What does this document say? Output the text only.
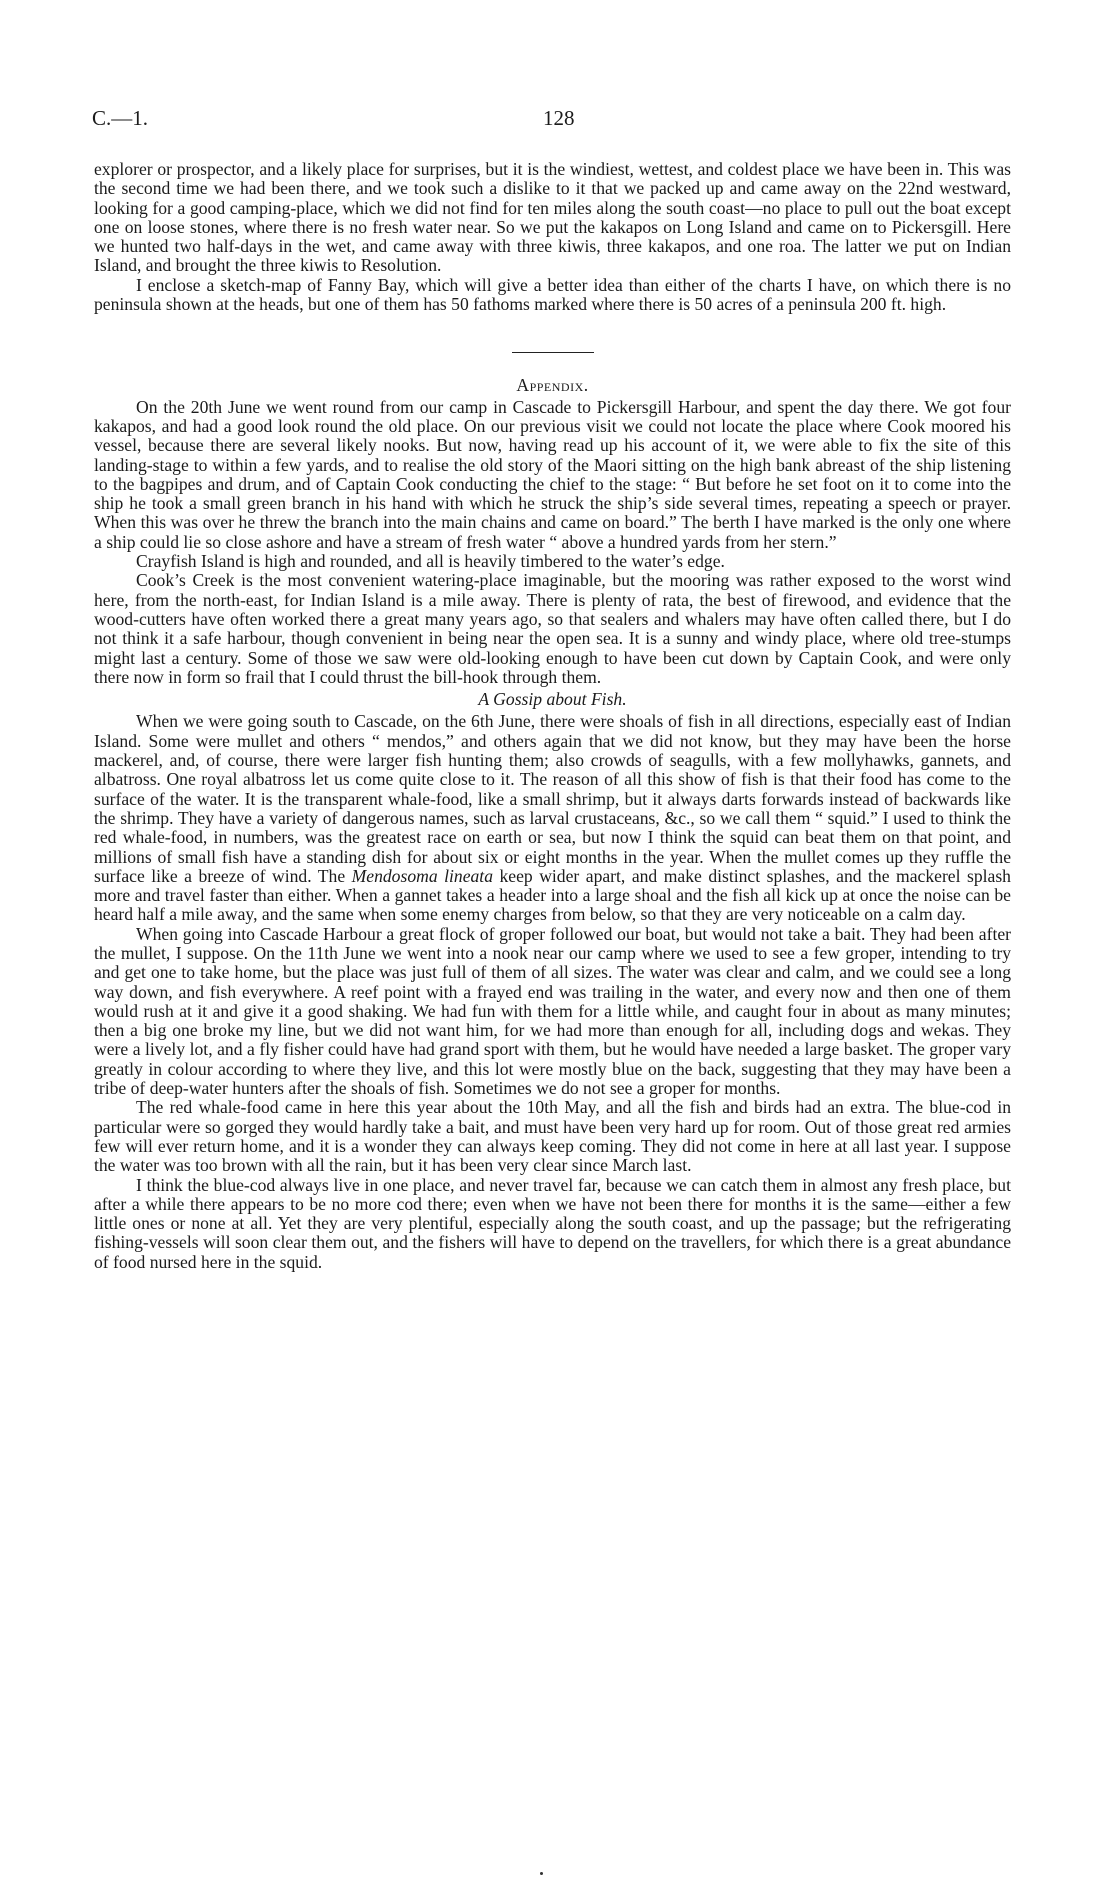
C.—1.	128

explorer or prospector, and a likely place for surprises, but it is the windiest, wettest, and coldest place we have been in. This was the second time we had been there, and we took such a dislike to it that we packed up and came away on the 22nd westward, looking for a good camping-place, which we did not find for ten miles along the south coast—no place to pull out the boat except one on loose stones, where there is no fresh water near. So we put the kakapos on Long Island and came on to Pickersgill. Here we hunted two half-days in the wet, and came away with three kiwis, three kakapos, and one roa. The latter we put on Indian Island, and brought the three kiwis to Resolution.

I enclose a sketch-map of Fanny Bay, which will give a better idea than either of the charts I have, on which there is no peninsula shown at the heads, but one of them has 50 fathoms marked where there is 50 acres of a peninsula 200 ft. high.

Appendix.

On the 20th June we went round from our camp in Cascade to Pickersgill Harbour, and spent the day there. We got four kakapos, and had a good look round the old place. On our previous visit we could not locate the place where Cook moored his vessel, because there are several likely nooks. But now, having read up his account of it, we were able to fix the site of this landing-stage to within a few yards, and to realise the old story of the Maori sitting on the high bank abreast of the ship listening to the bagpipes and drum, and of Captain Cook conducting the chief to the stage: “ But before he set foot on it to come into the ship he took a small green branch in his hand with which he struck the ship’s side several times, repeating a speech or prayer. When this was over he threw the branch into the main chains and came on board.” The berth I have marked is the only one where a ship could lie so close ashore and have a stream of fresh water “ above a hundred yards from her stern.”

Crayfish Island is high and rounded, and all is heavily timbered to the water’s edge.

Cook’s Creek is the most convenient watering-place imaginable, but the mooring was rather exposed to the worst wind here, from the north-east, for Indian Island is a mile away. There is plenty of rata, the best of firewood, and evidence that the wood-cutters have often worked there a great many years ago, so that sealers and whalers may have often called there, but I do not think it a safe harbour, though convenient in being near the open sea. It is a sunny and windy place, where old tree-stumps might last a century. Some of those we saw were old-looking enough to have been cut down by Captain Cook, and were only there now in form so frail that I could thrust the bill-hook through them.

A Gossip about Fish.

When we were going south to Cascade, on the 6th June, there were shoals of fish in all directions, especially east of Indian Island. Some were mullet and others “ mendos,” and others again that we did not know, but they may have been the horse mackerel, and, of course, there were larger fish hunting them; also crowds of seagulls, with a few mollyhawks, gannets, and albatross. One royal albatross let us come quite close to it. The reason of all this show of fish is that their food has come to the surface of the water. It is the transparent whale-food, like a small shrimp, but it always darts forwards instead of backwards like the shrimp. They have a variety of dangerous names, such as larval crustaceans, &c., so we call them “ squid.” I used to think the red whale-food, in numbers, was the greatest race on earth or sea, but now I think the squid can beat them on that point, and millions of small fish have a standing dish for about six or eight months in the year. When the mullet comes up they ruffle the surface like a breeze of wind. The Mendosoma lineata keep wider apart, and make distinct splashes, and the mackerel splash more and travel faster than either. When a gannet takes a header into a large shoal and the fish all kick up at once the noise can be heard half a mile away, and the same when some enemy charges from below, so that they are very noticeable on a calm day.

When going into Cascade Harbour a great flock of groper followed our boat, but would not take a bait. They had been after the mullet, I suppose. On the 11th June we went into a nook near our camp where we used to see a few groper, intending to try and get one to take home, but the place was just full of them of all sizes. The water was clear and calm, and we could see a long way down, and fish everywhere. A reef point with a frayed end was trailing in the water, and every now and then one of them would rush at it and give it a good shaking. We had fun with them for a little while, and caught four in about as many minutes; then a big one broke my line, but we did not want him, for we had more than enough for all, including dogs and wekas. They were a lively lot, and a fly fisher could have had grand sport with them, but he would have needed a large basket. The groper vary greatly in colour according to where they live, and this lot were mostly blue on the back, suggesting that they may have been a tribe of deep-water hunters after the shoals of fish. Sometimes we do not see a groper for months.

The red whale-food came in here this year about the 10th May, and all the fish and birds had an extra. The blue-cod in particular were so gorged they would hardly take a bait, and must have been very hard up for room. Out of those great red armies few will ever return home, and it is a wonder they can always keep coming. They did not come in here at all last year. I suppose the water was too brown with all the rain, but it has been very clear since March last.

I think the blue-cod always live in one place, and never travel far, because we can catch them in almost any fresh place, but after a while there appears to be no more cod there; even when we have not been there for months it is the same—either a few little ones or none at all. Yet they are very plentiful, especially along the south coast, and up the passage; but the refrigerating fishing-vessels will soon clear them out, and the fishers will have to depend on the travellers, for which there is a great abundance of food nursed here in the squid.
